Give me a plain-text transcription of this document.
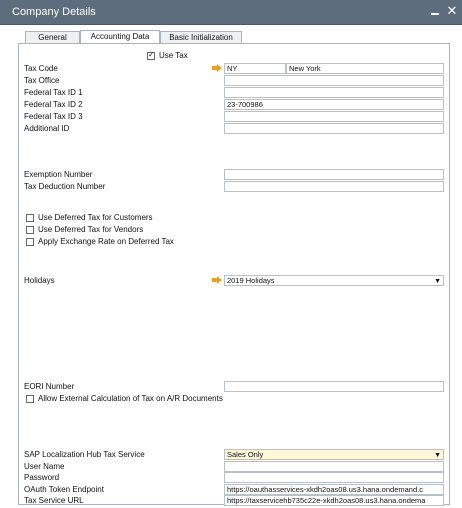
Company Details	✕
General	Accounting Data	Basic Initialization
✓
Use Tax
Tax Code	NY	New York
Tax Office
Federal Tax ID 1
Federal Tax ID 2	23-700986
Federal Tax ID 3
Additional ID
Exemption Number
Tax Deduction Number
Use Deferred Tax for Customers
Use Deferred Tax for Vendors
Apply Exchange Rate on Deferred Tax
Holidays	2019 Holidays	▼
EORI Number
Allow External Calculation of Tax on A/R Documents
SAP Localization Hub Tax Service	Sales Only	▼
User Name
Password
OAuth Token Endpoint	https://oauthasservices-xkdh2oas08.us3.hana.ondemand.c
Tax Service URL	https://taxservicehb735c22e-xkdh2oas08.us3.hana.ondema
